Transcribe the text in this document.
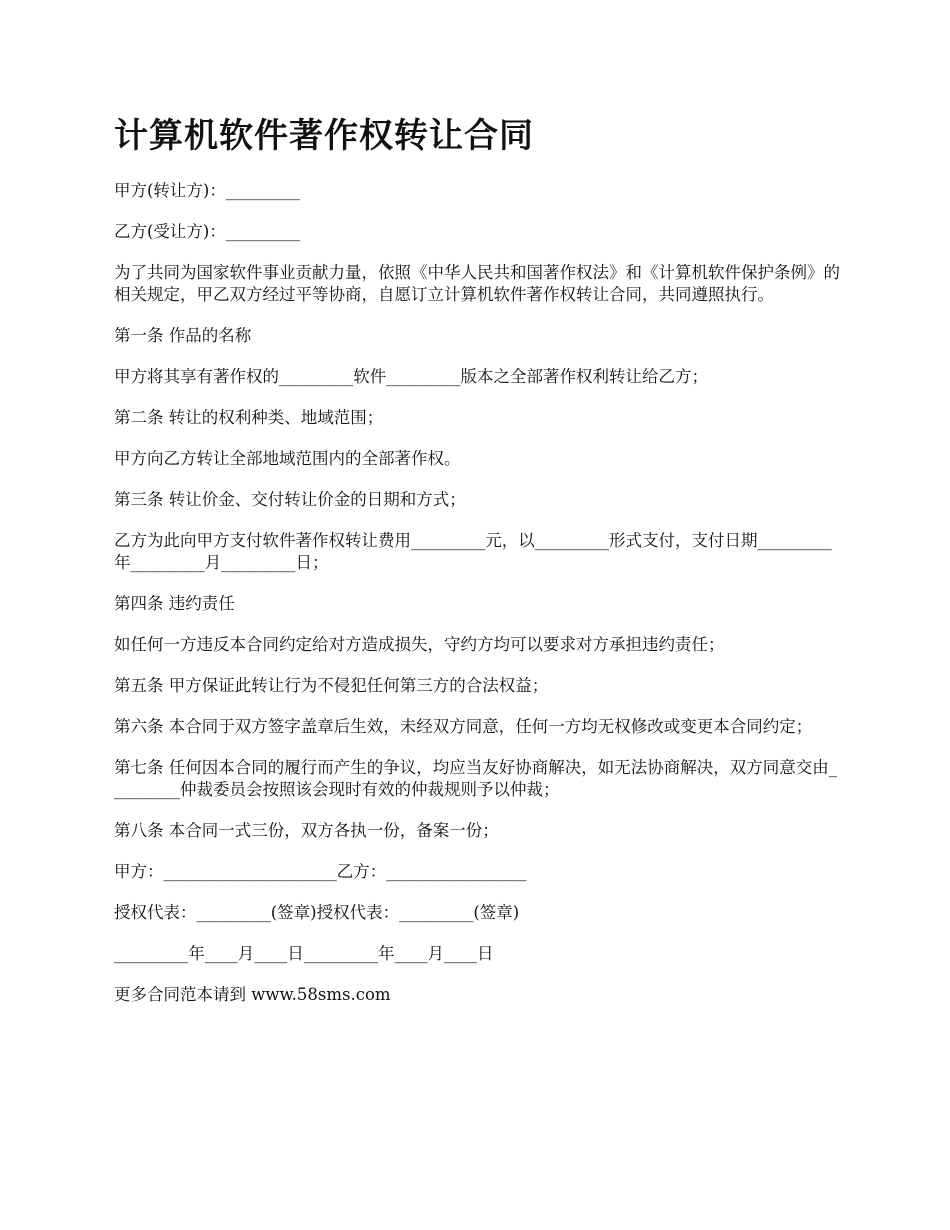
计算机软件著作权转让合同

甲方(转让方)：_________

乙方(受让方)：_________

为了共同为国家软件事业贡献力量，依照《中华人民共和国著作权法》和《计算机软件保护条例》的相关规定，甲乙双方经过平等协商，自愿订立计算机软件著作权转让合同，共同遵照执行。

第一条 作品的名称

甲方将其享有著作权的_________软件_________版本之全部著作权利转让给乙方；

第二条 转让的权利种类、地域范围；

甲方向乙方转让全部地域范围内的全部著作权。

第三条 转让价金、交付转让价金的日期和方式；

乙方为此向甲方支付软件著作权转让费用_________元，以_________形式支付，支付日期_________年_________月_________日；

第四条 违约责任

如任何一方违反本合同约定给对方造成损失，守约方均可以要求对方承担违约责任；

第五条 甲方保证此转让行为不侵犯任何第三方的合法权益；

第六条 本合同于双方签字盖章后生效，未经双方同意，任何一方均无权修改或变更本合同约定；

第七条 任何因本合同的履行而产生的争议，均应当友好协商解决，如无法协商解决，双方同意交由_________仲裁委员会按照该会现时有效的仲裁规则予以仲裁；

第八条 本合同一式三份，双方各执一份，备案一份；

甲方：_____________________乙方：_________________

授权代表：_________(签章)授权代表：_________(签章)

_________年____月____日_________年____月____日

更多合同范本请到 www.58sms.com
